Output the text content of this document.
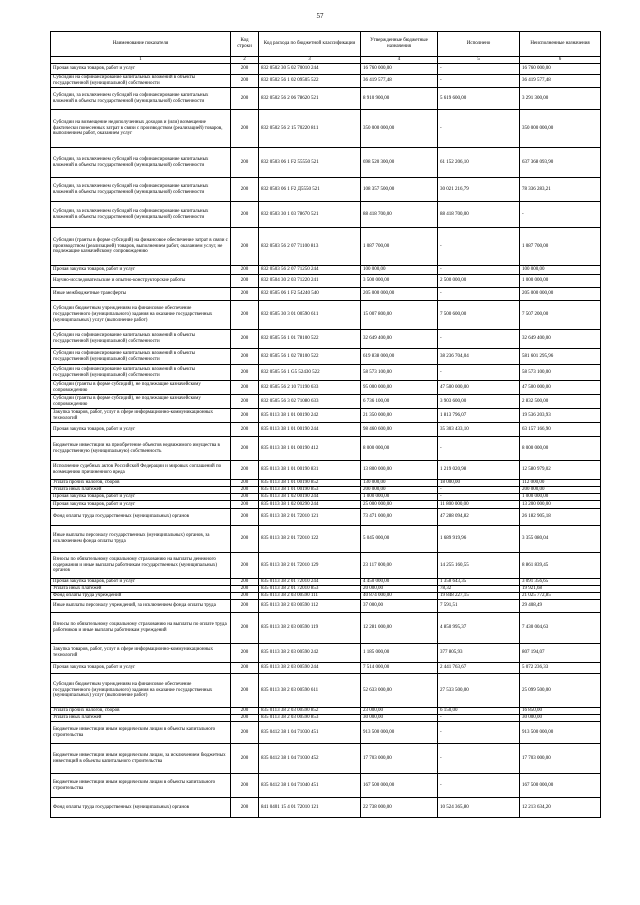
57
Наименование показателя	Код строки	Код расхода по бюджетной классификации	Утвержденные бюджетные назначения	Исполнено	Неисполненные назначения
1	2	3	4	5	6
Прочая закупка товаров, работ и услуг	200	832 0502 30 5 02 70010 244	16 760 000,00	-	16 760 000,00
Субсидии на софинансирование капитальных вложений в объекты государственной (муниципальной) собственности	200	832 0502 56 1 02 09505 522	36 419 577,48	-	36 419 577,48
Субсидии, за исключением субсидий на софинансирование капитальных вложений в объекты государственной (муниципальной) собственности	200	832 0502 56 2 06 78620 521	8 910 900,00	5 619 600,00	3 291 300,00
Субсидии на возмещение недополученных доходов и (или) возмещение фактически понесенных затрат в связи с производством (реализацией) товаров, выполнением работ, оказанием услуг	200	832 0502 56 2 15 70220 811	350 000 000,00	-	350 000 000,00
Субсидии, за исключением субсидий на софинансирование капитальных вложений в объекты государственной (муниципальной) собственности	200	832 0503 06 1 F2 55550 521	698 520 300,00	61 152 206,10	637 368 093,90
Субсидии, за исключением субсидий на софинансирование капитальных вложений в объекты государственной (муниципальной) собственности	200	832 0503 06 1 F2 Д5550 521	108 357 500,00	30 021 216,79	78 336 283,21
Субсидии, за исключением субсидий на софинансирование капитальных вложений в объекты государственной (муниципальной) собственности	200	832 0503 30 1 03 78670 521	88 418 700,00	88 418 700,00	-
Субсидии (гранты в форме субсидий) на финансовое обеспечение затрат в связи с производством (реализацией) товаров, выполнением работ, оказанием услуг, не подлежащие казначейскому сопровождению	200	832 0503 56 2 07 71100 813	1 087 700,00	-	1 087 700,00
Прочая закупка товаров, работ и услуг	200	832 0503 56 2 07 71250 244	100 000,00	-	100 000,00
Научно-исследовательские и опытно-конструкторские работы	200	832 0504 30 2 03 71220 241	3 500 000,00	2 500 000,00	1 000 000,00
Иные межбюджетные трансферты	200	832 0505 06 1 F2 54240 540	205 000 000,00	-	205 000 000,00
Субсидии бюджетным учреждениям на финансовое обеспечение государственного (муниципального) задания на оказание государственных (муниципальных) услуг (выполнение работ)	200	832 0505 30 3 01 00590 611	15 007 800,00	7 500 600,00	7 507 200,00
Субсидии на софинансирование капитальных вложений в объекты государственной (муниципальной) собственности	200	832 0505 56 1 01 78100 522	32 649 400,00	-	32 649 400,00
Субсидии на софинансирование капитальных вложений в объекты государственной (муниципальной) собственности	200	832 0505 56 1 02 78100 522	619 838 000,00	38 236 704,04	581 601 295,96
Субсидии на софинансирование капитальных вложений в объекты государственной (муниципальной) собственности	200	832 0505 56 1 G5 52430 522	58 573 100,00	-	58 573 100,00
Субсидии (гранты в форме субсидий), не подлежащие казначейскому сопровождению	200	832 0505 56 2 10 71190 633	95 000 000,00	47 500 000,00	47 500 000,00
Субсидии (гранты в форме субсидий), не подлежащие казначейскому сопровождению	200	832 0505 56 3 02 71080 633	6 736 100,00	3 903 600,00	2 832 500,00
Закупка товаров, работ, услуг в сфере информационно-коммуникационных технологий	200	835 0113 38 1 01 00190 242	21 350 000,00	1 813 796,07	19 536 203,93
Прочая закупка товаров, работ и услуг	200	835 0113 38 1 01 00190 244	98 460 600,00	35 303 433,10	63 157 166,90
Бюджетные инвестиции на приобретение объектов недвижимого имущества в государственную (муниципальную) собственность	200	835 0113 38 1 01 00190 412	8 000 000,00	-	8 000 000,00
Исполнение судебных актов Российской Федерации и мировых соглашений по возмещению причиненного вреда	200	835 0113 38 1 01 00190 831	13 800 000,00	1 219 020,98	12 580 979,02
Уплата прочих налогов, сборов	200	835 0113 38 1 01 00190 852	130 000,00	18 000,00	112 000,00
Уплата иных платежей	200	835 0113 38 1 01 00190 853	200 000,00	-	200 000,00
Прочая закупка товаров, работ и услуг	200	835 0113 38 1 02 00190 244	1 000 000,00	-	1 000 000,00
Прочая закупка товаров, работ и услуг	200	835 0113 38 1 02 00290 244	25 000 000,00	11 800 000,00	13 200 000,00
Фонд оплаты труда государственных (муниципальных) органов	200	835 0113 38 2 01 72010 121	73 471 000,00	47 288 094,82	26 182 905,18
Иные выплаты персоналу государственных (муниципальных) органов, за исключением фонда оплаты труда	200	835 0113 38 2 01 72010 122	5 045 000,00	1 689 919,96	3 355 080,04
Взносы по обязательному социальному страхованию на выплаты денежного содержания и иные выплаты работникам государственных (муниципальных) органов	200	835 0113 38 2 01 72010 129	23 117 000,00	14 255 160,55	8 861 839,45
Прочая закупка товаров, работ и услуг	200	835 0113 38 2 01 72010 244	4 450 000,00	1 358 643,35	3 091 356,65
Уплата иных платежей	200	835 0113 38 2 01 72010 853	20 000,00	78,32	19 921,68
Фонд оплаты труда учреждений	200	835 0113 38 2 03 00590 111	40 874 000,00	19 848 227,15	21 025 772,85
Иные выплаты персоналу учреждений, за исключением фонда оплаты труда	200	835 0113 38 2 03 00590 112	37 000,00	7 591,51	29 408,49
Взносы по обязательному социальному страхованию на выплаты по оплате труда работников и иные выплаты работникам учреждений	200	835 0113 38 2 03 00590 119	12 281 000,00	4 850 995,37	7 430 004,63
Закупка товаров, работ, услуг в сфере информационно-коммуникационных технологий	200	835 0113 38 2 03 00590 242	1 185 000,00	377 805,93	807 194,07
Прочая закупка товаров, работ и услуг	200	835 0113 38 2 03 00590 244	7 514 000,00	2 441 763,67	5 072 236,33
Субсидии бюджетным учреждениям на финансовое обеспечение государственного (муниципального) задания на оказание государственных (муниципальных) услуг (выполнение работ)	200	835 0113 38 2 03 00590 611	52 633 000,00	27 533 500,00	25 099 500,00
Уплата прочих налогов, сборов	200	835 0113 38 2 03 00590 852	23 000,00	6 150,00	16 850,00
Уплата иных платежей	200	835 0113 38 2 03 00590 853	30 000,00	-	30 000,00
Бюджетные инвестиции иным юридическим лицам в объекты капитального строительства	200	835 0412 38 1 04 71030 451	913 500 000,00	-	913 500 000,00
Бюджетные инвестиции иным юридическим лицам, за исключением бюджетных инвестиций в объекты капитального строительства	200	835 0412 38 1 04 71030 452	17 703 000,00	-	17 703 000,00
Бюджетные инвестиции иным юридическим лицам в объекты капитального строительства	200	835 0412 38 1 04 71040 451	167 500 000,00	-	167 500 000,00
Фонд оплаты труда государственных (муниципальных) органов	200	841 0401 15 4 01 72010 121	22 738 000,00	10 524 365,80	12 213 634,20
